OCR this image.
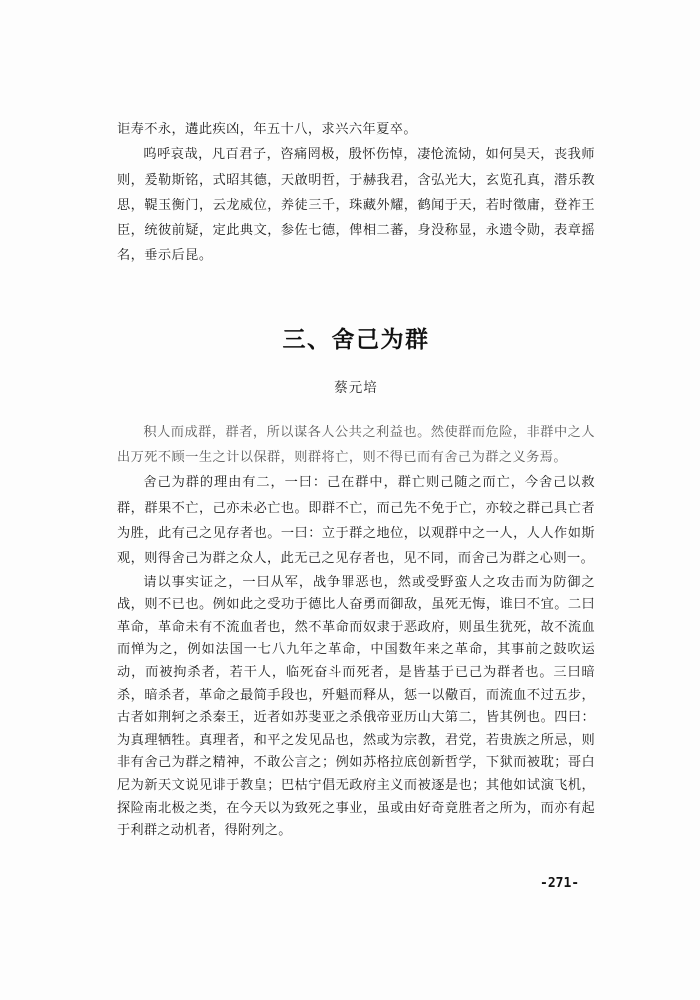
讵寿不永，遘此疾凶，年五十八，求兴六年夏卒。

呜呼哀哉，凡百君子，咨痛罔极，殷怀伤悼，凄怆流恸，如何昊天，丧我师则，爰勒斯铭，式昭其德，天啟明哲，于赫我君，含弘光大，玄览孔真，潜乐教思，鞮玉衡门，云龙威位，养徒三千，珠藏外耀，鹤闻于天，若时徵庸，登祚王臣，统彼前疑，定此典文，参佐七德，俾相二蕃，身没称显，永遗令勋，表章摇名，垂示后昆。

三、舍己为群
蔡元培

积人而成群，群者，所以谋各人公共之利益也。然使群而危险，非群中之人出万死不顾一生之计以保群，则群将亡，则不得已而有舍己为群之义务焉。

舍己为群的理由有二，一曰：己在群中，群亡则己随之而亡，今舍己以救群，群果不亡，己亦未必亡也。即群不亡，而己先不免于亡，亦较之群己具亡者为胜，此有己之见存者也。一曰：立于群之地位，以观群中之一人，人人作如斯观，则得舍己为群之众人，此无己之见存者也，见不同，而舍己为群之心则一。

请以事实证之，一曰从军，战争罪恶也，然或受野蛮人之攻击而为防御之战，则不已也。例如此之受功于德比人奋勇而御敌，虽死无悔，谁曰不宜。二曰革命，革命未有不流血者也，然不革命而奴隶于恶政府，则虽生犹死，故不流血而惮为之，例如法国一七八九年之革命，中国数年来之革命，其事前之鼓吹运动，而被拘杀者，若干人，临死奋斗而死者，是皆基于已己为群者也。三曰暗杀，暗杀者，革命之最简手段也，歼魁而释从，惩一以儆百，而流血不过五步，古者如荆轲之杀秦王，近者如苏斐亚之杀俄帝亚历山大第二，皆其例也。四曰：为真理牺牲。真理者，和平之发见品也，然或为宗教，君党，若贵族之所忌，则非有舍己为群之精神，不敢公言之；例如苏格拉底创新哲学，下狱而被耽；哥白尼为新天文说见诽于教皇；巴枯宁倡无政府主义而被逐是也；其他如试演飞机，探险南北极之类，在今天以为致死之事业，虽或由好奇竟胜者之所为，而亦有起于利群之动机者，得附列之。

-271-
